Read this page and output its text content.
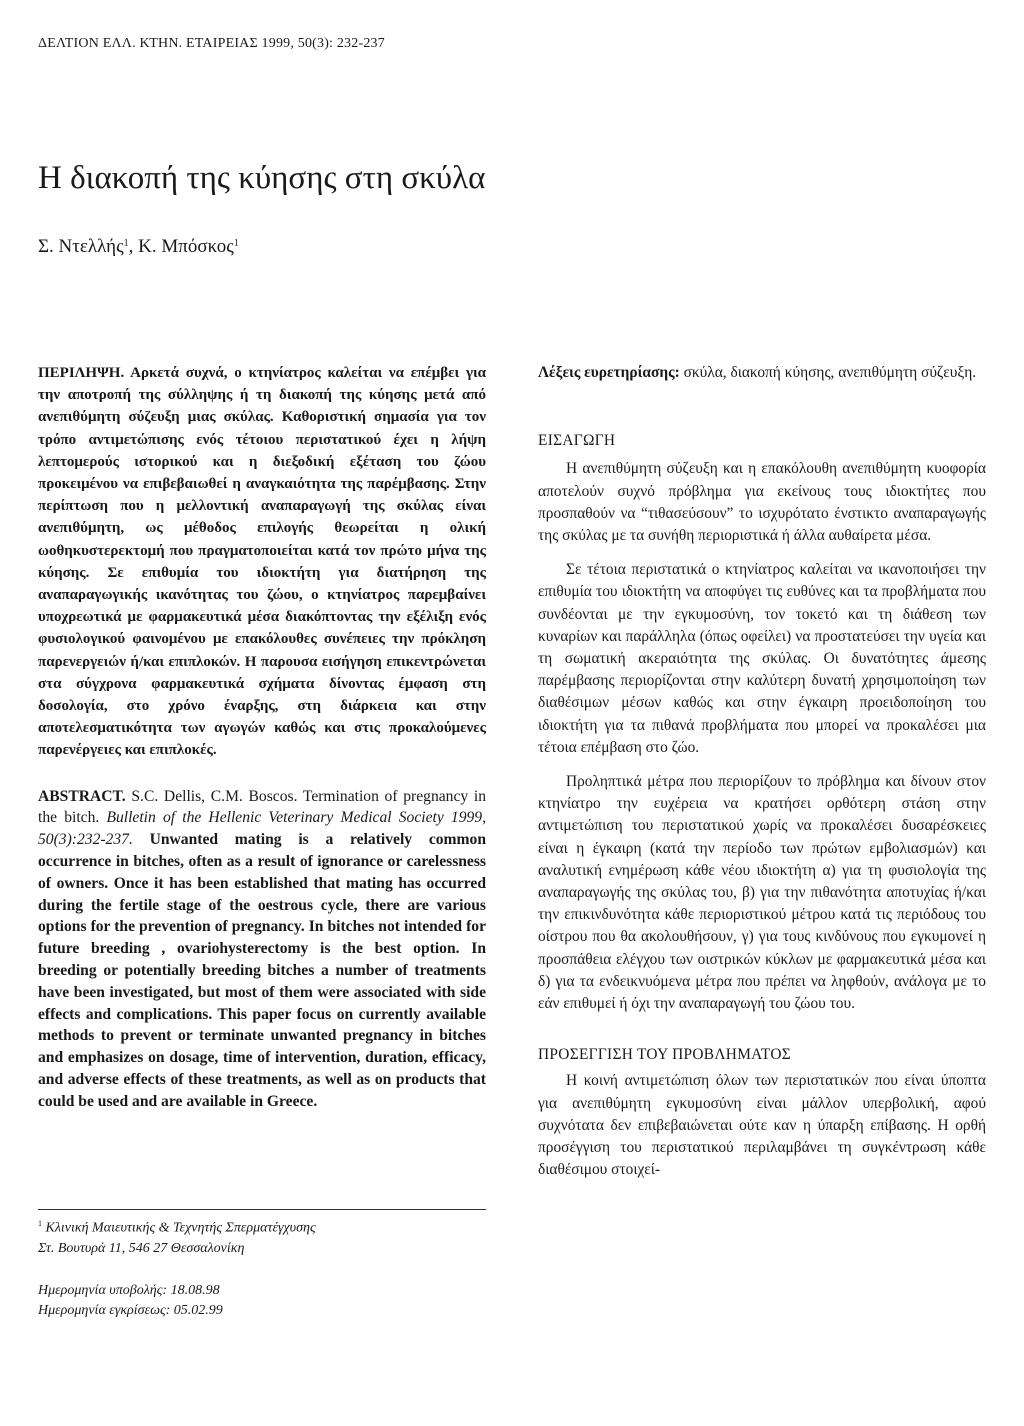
ΔΕΛΤΙΟΝ ΕΛΛ. ΚΤΗΝ. ΕΤΑΙΡΕΙΑΣ 1999, 50(3): 232-237
Η διακοπή της κύησης στη σκύλα
Σ. Ντελλής$^1$, Κ. Μπόσκος$^1$
ΠΕΡΙΛΗΨΗ. Αρκετά συχνά, ο κτηνίατρος καλείται να επέμβει για την αποτροπή της σύλληψης ή τη διακοπή της κύησης μετά από ανεπιθύμητη σύζευξη μιας σκύλας. Καθοριστική σημασία για τον τρόπο αντιμετώπισης ενός τέτοιου περιστατικού έχει η λήψη λεπτομερούς ιστορικού και η διεξοδική εξέταση του ζώου προκειμένου να επιβεβαιωθεί η αναγκαιότητα της παρέμβασης. Στην περίπτωση που η μελλοντική αναπαραγωγή της σκύλας είναι ανεπιθύμητη, ως μέθοδος επιλογής θεωρείται η ολική ωοθηκυστερεκτομή που πραγματοποιείται κατά τον πρώτο μήνα της κύησης. Σε επιθυμία του ιδιοκτήτη για διατήρηση της αναπαραγωγικής ικανότητας του ζώου, ο κτηνίατρος παρεμβαίνει υποχρεωτικά με φαρμακευτικά μέσα διακόπτοντας την εξέλιξη ενός φυσιολογικού φαινομένου με επακόλουθες συνέπειες την πρόκληση παρενεργειών ή/και επιπλοκών. Η παρουσα εισήγηση επικεντρώνεται στα σύγχρονα φαρμακευτικά σχήματα δίνοντας έμφαση στη δοσολογία, στο χρόνο έναρξης, στη διάρκεια και στην αποτελεσματικότητα των αγωγών καθώς και στις προκαλούμενες παρενέργειες και επιπλοκές.
ABSTRACT. S.C. Dellis, C.M. Boscos. Termination of pregnancy in the bitch. Bulletin of the Hellenic Veterinary Medical Society 1999, 50(3):232-237. Unwanted mating is a relatively common occurrence in bitches, often as a result of ignorance or carelessness of owners. Once it has been established that mating has occurred during the fertile stage of the oestrous cycle, there are various options for the prevention of pregnancy. In bitches not intended for future breeding , ovariohysterectomy is the best option. In breeding or potentially breeding bitches a number of treatments have been investigated, but most of them were associated with side effects and complications. This paper focus on currently available methods to prevent or terminate unwanted pregnancy in bitches and emphasizes on dosage, time of intervention, duration, efficacy, and adverse effects of these treatments, as well as on products that could be used and are available in Greece.
$^1$ Κλινική Μαιευτικής & Τεχνητής Σπερματέγχυσης
Στ. Βουτυρά 11, 546 27 Θεσσαλονίκη
Ημερομηνία υποβολής: 18.08.98
Ημερομηνία εγκρίσεως: 05.02.99
Λέξεις ευρετηρίασης: σκύλα, διακοπή κύησης, ανεπιθύμητη σύζευξη.
ΕΙΣΑΓΩΓΗ

Η ανεπιθύμητη σύζευξη και η επακόλουθη ανεπιθύμητη κυοφορία αποτελούν συχνό πρόβλημα για εκείνους τους ιδιοκτήτες που προσπαθούν να “τιθασεύσουν” το ισχυρότατο ένστικτο αναπαραγωγής της σκύλας με τα συνήθη περιοριστικά ή άλλα αυθαίρετα μέσα.

Σε τέτοια περιστατικά ο κτηνίατρος καλείται να ικανοποιήσει την επιθυμία του ιδιοκτήτη να αποφύγει τις ευθύνες και τα προβλήματα που συνδέονται με την εγκυμοσύνη, τον τοκετό και τη διάθεση των κυναρίων και παράλληλα (όπως οφείλει) να προστατεύσει την υγεία και τη σωματική ακεραιότητα της σκύλας. Οι δυνατότητες άμεσης παρέμβασης περιορίζονται στην καλύτερη δυνατή χρησιμοποίηση των διαθέσιμων μέσων καθώς και στην έγκαιρη προειδοποίηση του ιδιοκτήτη για τα πιθανά προβλήματα που μπορεί να προκαλέσει μια τέτοια επέμβαση στο ζώο.

Προληπτικά μέτρα που περιορίζουν το πρόβλημα και δίνουν στον κτηνίατρο την ευχέρεια να κρατήσει ορθότερη στάση στην αντιμετώπιση του περιστατικού χωρίς να προκαλέσει δυσαρέσκειες είναι η έγκαιρη (κατά την περίοδο των πρώτων εμβολιασμών) και αναλυτική ενημέρωση κάθε νέου ιδιοκτήτη α) για τη φυσιολογία της αναπαραγωγής της σκύλας του, β) για την πιθανότητα αποτυχίας ή/και την επικινδυνότητα κάθε περιοριστικού μέτρου κατά τις περιόδους του οίστρου που θα ακολουθήσουν, γ) για τους κινδύνους που εγκυμονεί η προσπάθεια ελέγχου των οιστρικών κύκλων με φαρμακευτικά μέσα και δ) για τα ενδεικνυόμενα μέτρα που πρέπει να ληφθούν, ανάλογα με το εάν επιθυμεί ή όχι την αναπαραγωγή του ζώου του.

ΠΡΟΣΕΓΓΙΣΗ ΤΟΥ ΠΡΟΒΛΗΜΑΤΟΣ

Η κοινή αντιμετώπιση όλων των περιστατικών που είναι ύποπτα για ανεπιθύμητη εγκυμοσύνη είναι μάλλον υπερβολική, αφού συχνότατα δεν επιβεβαιώνεται ούτε καν η ύπαρξη επίβασης. Η ορθή προσέγγιση του περιστατικού περιλαμβάνει τη συγκέντρωση κάθε διαθέσιμου στοιχεί-
